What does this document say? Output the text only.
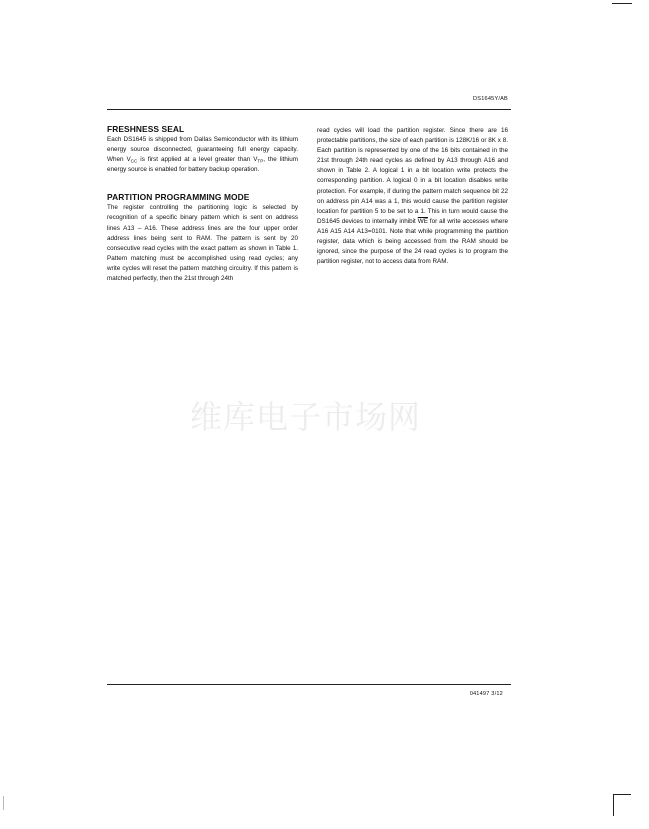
DS1645Y/AB
FRESHNESS SEAL

Each DS1645 is shipped from Dallas Semiconductor with its lithium energy source disconnected, guaranteeing full energy capacity. When $V_{CC}$ is first applied at a level greater than $V_{TP}$, the lithium energy source is enabled for battery backup operation.

PARTITION PROGRAMMING MODE

The register controlling the partitioning logic is selected by recognition of a specific binary pattern which is sent on address lines A13 – A16. These address lines are the four upper order address lines being sent to RAM. The pattern is sent by 20 consecutive read cycles with the exact pattern as shown in Table 1. Pattern matching must be accomplished using read cycles; any write cycles will reset the pattern matching circuitry. If this pattern is matched perfectly, then the 21st through 24th

read cycles will load the partition register. Since there are 16 protectable partitions, the size of each partition is 128K/16 or 8K x 8. Each partition is represented by one of the 16 bits contained in the 21st through 24th read cycles as defined by A13 through A16 and shown in Table 2. A logical 1 in a bit location write protects the corresponding partition. A logical 0 in a bit location disables write protection. For example, if during the pattern match sequence bit 22 on address pin A14 was a 1, this would cause the partition register location for partition 5 to be set to a 1. This in turn would cause the DS1645 devices to internally inhibit $\overline{WE}$ for all write accesses where A16 A15 A14 A13=0101. Note that while programming the partition register, data which is being accessed from the RAM should be ignored, since the purpose of the 24 read cycles is to program the partition register, not to access data from RAM.

维库电子市场网
041497 3/12
